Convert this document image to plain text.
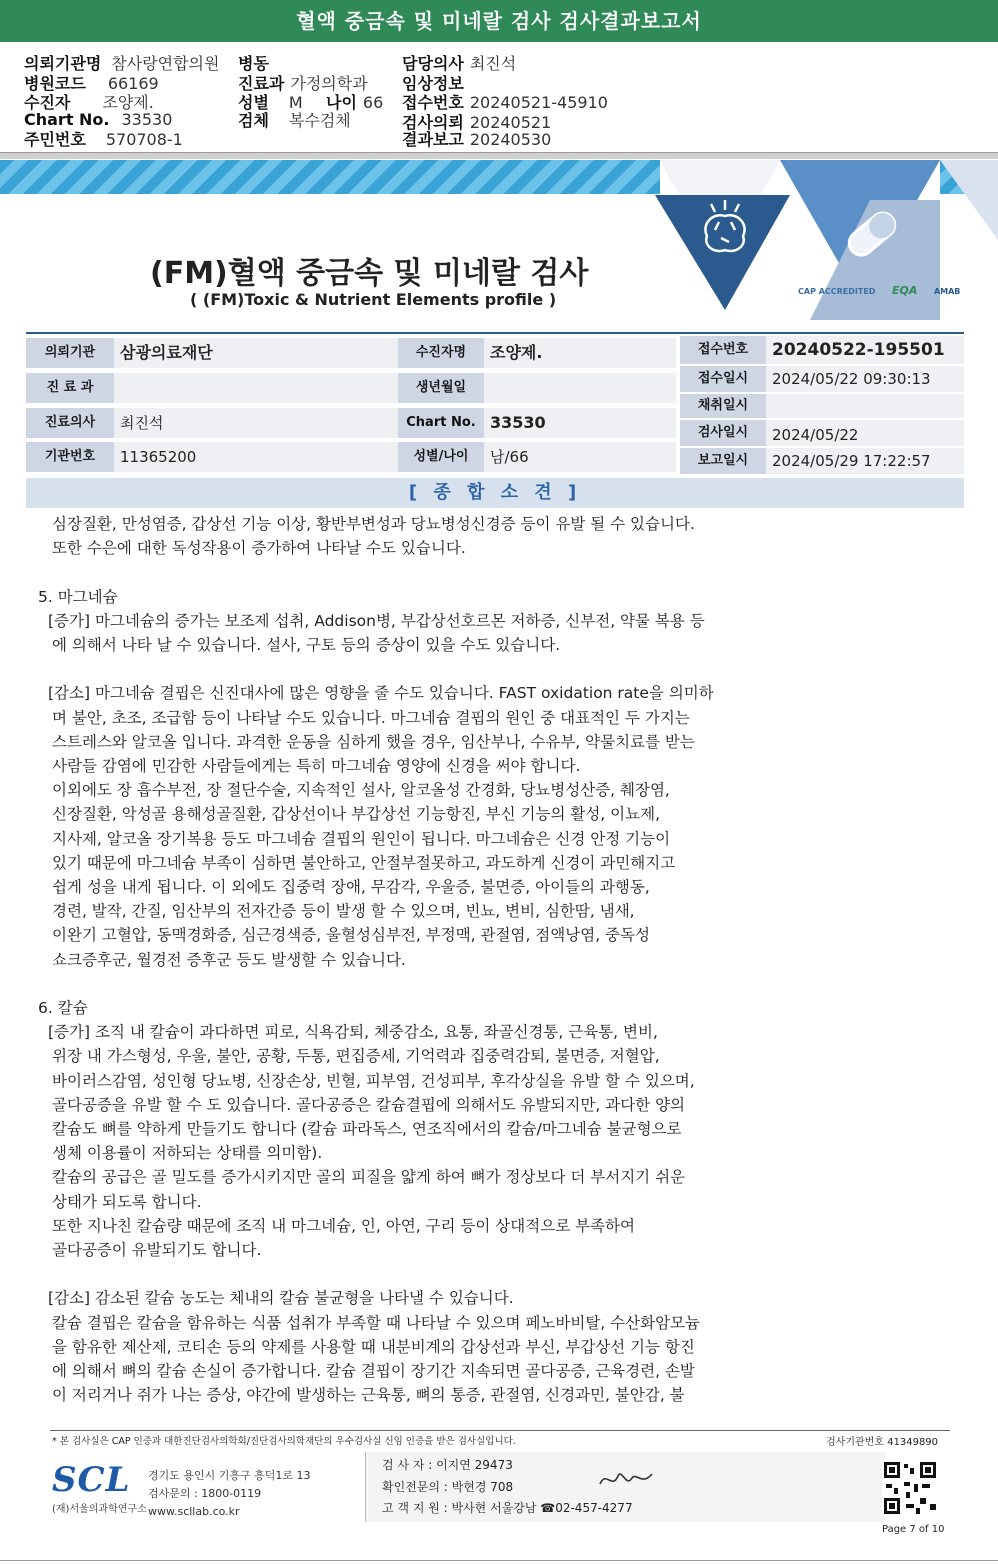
혈액 중금속 및 미네랄 검사 검사결과보고서
의뢰기관명 참사랑연합의원
병원코드 66169
수진자 조양제.
Chart No. 33530
주민번호 570708-1
병동
진료과 가정의학과
성별 M 나이 66
검체 복수검체
담당의사 최진석
임상정보
접수번호 20240521-45910
검사의뢰 20240521
결과보고 20240530
(FM)혈액 중금속 및 미네랄 검사
( (FM)Toxic & Nutrient Elements profile )	CAP ACCREDITED EQA AMAB
의뢰기관	삼광의료재단	수진자명	조양제.
진 료 과	생년월일
진료의사	최진석	Chart No. 33530
기관번호	11365200	성별/나이	남/66
접수번호	20240522-195501
접수일시	2024/05/22 09:30:13
채취일시
검사일시	2024/05/22
보고일시	2024/05/29 17:22:57
[ 종 합 소 견 ]

심장질환, 만성염증, 갑상선 기능 이상, 황반부변성과 당뇨병성신경증 등이 유발 될 수 있습니다.

또한 수은에 대한 독성작용이 증가하여 나타날 수도 있습니다.

5. 마그네슘

[증가] 마그네슘의 증가는 보조제 섭취, Addison병, 부갑상선호르몬 저하증, 신부전, 약물 복용 등

에 의해서 나타 날 수 있습니다. 설사, 구토 등의 증상이 있을 수도 있습니다.

[감소] 마그네슘 결핍은 신진대사에 많은 영향을 줄 수도 있습니다. FAST oxidation rate을 의미하

며 불안, 초조, 조급함 등이 나타날 수도 있습니다. 마그네슘 결핍의 원인 중 대표적인 두 가지는

스트레스와 알코올 입니다. 과격한 운동을 심하게 했을 경우, 임산부나, 수유부, 약물치료를 받는

사람들 감염에 민감한 사람들에게는 특히 마그네슘 영양에 신경을 써야 합니다.

이외에도 장 흡수부전, 장 절단수술, 지속적인 설사, 알코올성 간경화, 당뇨병성산증, 췌장염,

신장질환, 악성골 용해성골질환, 갑상선이나 부갑상선 기능항진, 부신 기능의 활성, 이뇨제,

지사제, 알코올 장기복용 등도 마그네슘 결핍의 원인이 됩니다. 마그네슘은 신경 안정 기능이

있기 때문에 마그네슘 부족이 심하면 불안하고, 안절부절못하고, 과도하게 신경이 과민해지고

쉽게 성을 내게 됩니다. 이 외에도 집중력 장애, 무감각, 우울증, 불면증, 아이들의 과행동,

경련, 발작, 간질, 임산부의 전자간증 등이 발생 할 수 있으며, 빈뇨, 변비, 심한땀, 냄새,

이완기 고혈압, 동맥경화증, 심근경색증, 울혈성심부전, 부정맥, 관절염, 점액낭염, 중독성

쇼크증후군, 월경전 증후군 등도 발생할 수 있습니다.

6. 칼슘

[증가] 조직 내 칼슘이 과다하면 피로, 식욕감퇴, 체중감소, 요통, 좌골신경통, 근육통, 변비,

위장 내 가스형성, 우울, 불안, 공황, 두통, 편집증세, 기억력과 집중력감퇴, 불면증, 저혈압,

바이러스감염, 성인형 당뇨병, 신장손상, 빈혈, 피부염, 건성피부, 후각상실을 유발 할 수 있으며,

골다공증을 유발 할 수 도 있습니다. 골다공증은 칼슘결핍에 의해서도 유발되지만, 과다한 양의

칼슘도 뼈를 약하게 만들기도 합니다 (칼슘 파라독스, 연조직에서의 칼슘/마그네슘 불균형으로

생체 이용률이 저하되는 상태를 의미함).

칼슘의 공급은 골 밀도를 증가시키지만 골의 피질을 얇게 하여 뼈가 정상보다 더 부서지기 쉬운

상태가 되도록 합니다.

또한 지나친 칼슘량 때문에 조직 내 마그네슘, 인, 아연, 구리 등이 상대적으로 부족하여

골다공증이 유발되기도 합니다.

[감소] 감소된 칼슘 농도는 체내의 칼슘 불균형을 나타낼 수 있습니다.

칼슘 결핍은 칼슘을 함유하는 식품 섭취가 부족할 때 나타날 수 있으며 페노바비탈, 수산화암모늄

을 함유한 제산제, 코티손 등의 약제를 사용할 때 내분비계의 갑상선과 부신, 부갑상선 기능 항진

에 의해서 뼈의 칼슘 손실이 증가합니다. 칼슘 결핍이 장기간 지속되면 골다공증, 근육경련, 손발

이 저리거나 쥐가 나는 증상, 야간에 발생하는 근육통, 뼈의 통증, 관절염, 신경과민, 불안감, 불

* 본 검사실은 CAP 인증과 대한진단검사의학회/진단검사의학재단의 우수검사실 신임 인증을 받은 검사실입니다.	검사기관번호 41349890
SCL
(재)서울의과학연구소
경기도 용인시 기흥구 흥덕1로 13
검사문의 : 1800-0119
www.scllab.co.kr
검 사 자 : 이지연 29473
확인전문의 : 박현경 708
고 객 지 원 : 박사현 서울강남 ☎02-457-4277
Page 7 of 10
